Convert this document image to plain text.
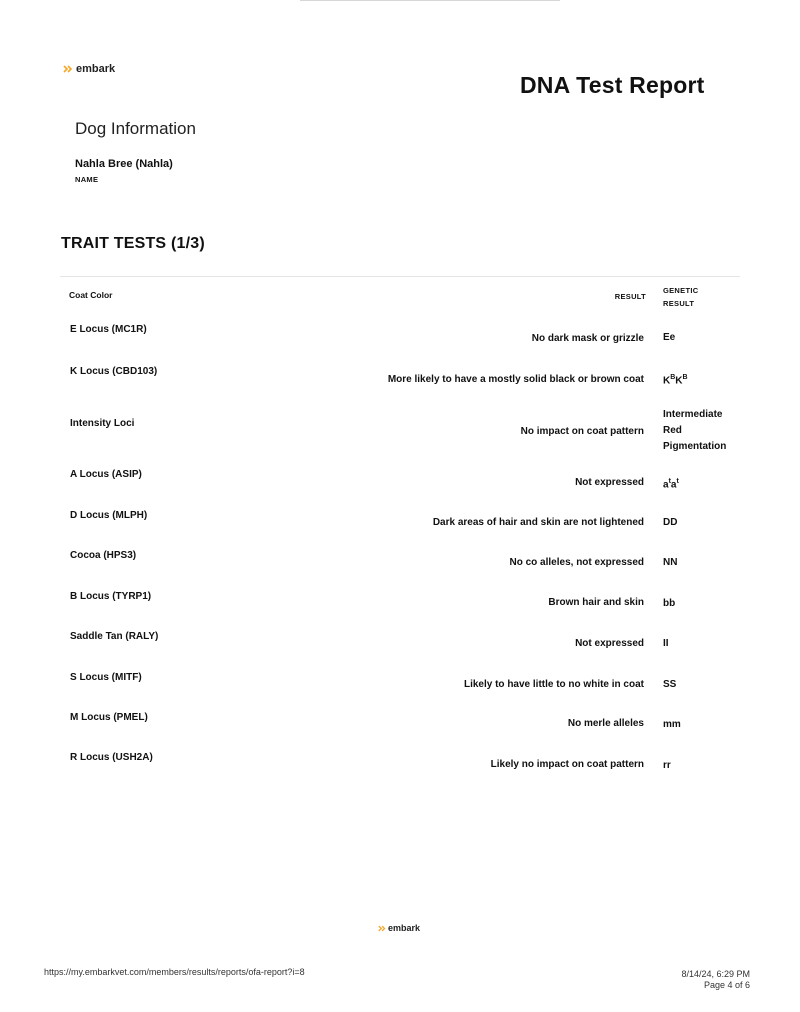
embark
DNA Test Report
Dog Information
Nahla Bree (Nahla)
NAME
TRAIT TESTS (1/3)
Coat Color	RESULT
GENETIC
RESULT
E Locus (MC1R)
No dark mask or grizzle Ee
K Locus (CBD103)
More likely to have a mostly solid black or brown coat $K^BK^B$
Intensity Loci
No impact on coat pattern
Intermediate Red Pigmentation
A Locus (ASIP)
Not expressed $a^ta^t$
D Locus (MLPH)
Dark areas of hair and skin are not lightened DD
Cocoa (HPS3)
No co alleles, not expressed NN
B Locus (TYRP1)
Brown hair and skin bb
Saddle Tan (RALY)
Not expressed II
S Locus (MITF)
Likely to have little to no white in coat SS
M Locus (PMEL)
No merle alleles mm
R Locus (USH2A)
Likely no impact on coat pattern rr
embark
https://my.embarkvet.com/members/results/reports/ofa-report?i=8	8/14/24, 6:29 PM
Page 4 of 6
